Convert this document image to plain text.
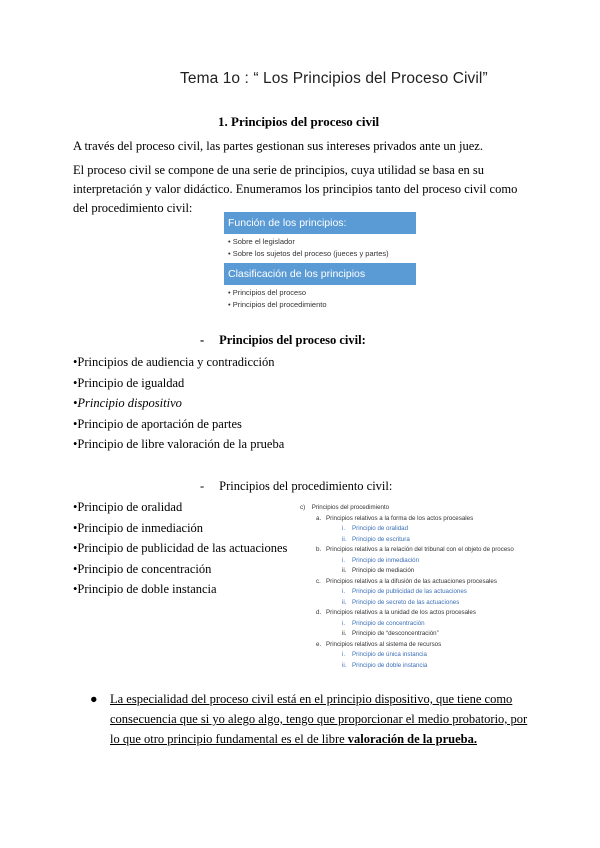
Tema 1o : “ Los Principios del Proceso Civil”
1. Principios del proceso civil
A través del proceso civil, las partes gestionan sus intereses privados ante un juez.
El proceso civil se compone de una serie de principios, cuya utilidad se basa en su interpretación y valor didáctico. Enumeramos los principios tanto del proceso civil como del procedimiento civil:
Función de los principios:
• Sobre el legislador
• Sobre los sujetos del proceso (jueces y partes)
Clasificación de los principios
• Principios del proceso
• Principios del procedimiento
- Principios del proceso civil:
•Principios de audiencia y contradicción
•Principio de igualdad
•Principio dispositivo
•Principio de aportación de partes
•Principio de libre valoración de la prueba
- Principios del procedimiento civil:
•Principio de oralidad
•Principio de inmediación
•Principio de publicidad de las actuaciones
•Principio de concentración
•Principio de doble instancia
c) Principios del procedimiento
a. Principios relativos a la forma de los actos procesales
i. Principio de oralidad
ii. Principio de escritura
b. Principios relativos a la relación del tribunal con el objeto de proceso
i. Principio de inmediación
ii. Principio de mediación
c. Principios relativos a la difusión de las actuaciones procesales
i. Principio de publicidad de las actuaciones
ii. Principio de secreto de las actuaciones
d. Principios relativos a la unidad de los actos procesales
i. Principio de concentración
ii. Principio de “desconcentración”
e. Principios relativos al sistema de recursos
i. Principio de única instancia
ii. Principio de doble instancia
● La especialidad del proceso civil está en el principio dispositivo, que tiene como consecuencia que si yo alego algo, tengo que proporcionar el medio probatorio, por lo que otro principio fundamental es el de libre valoración de la prueba.
